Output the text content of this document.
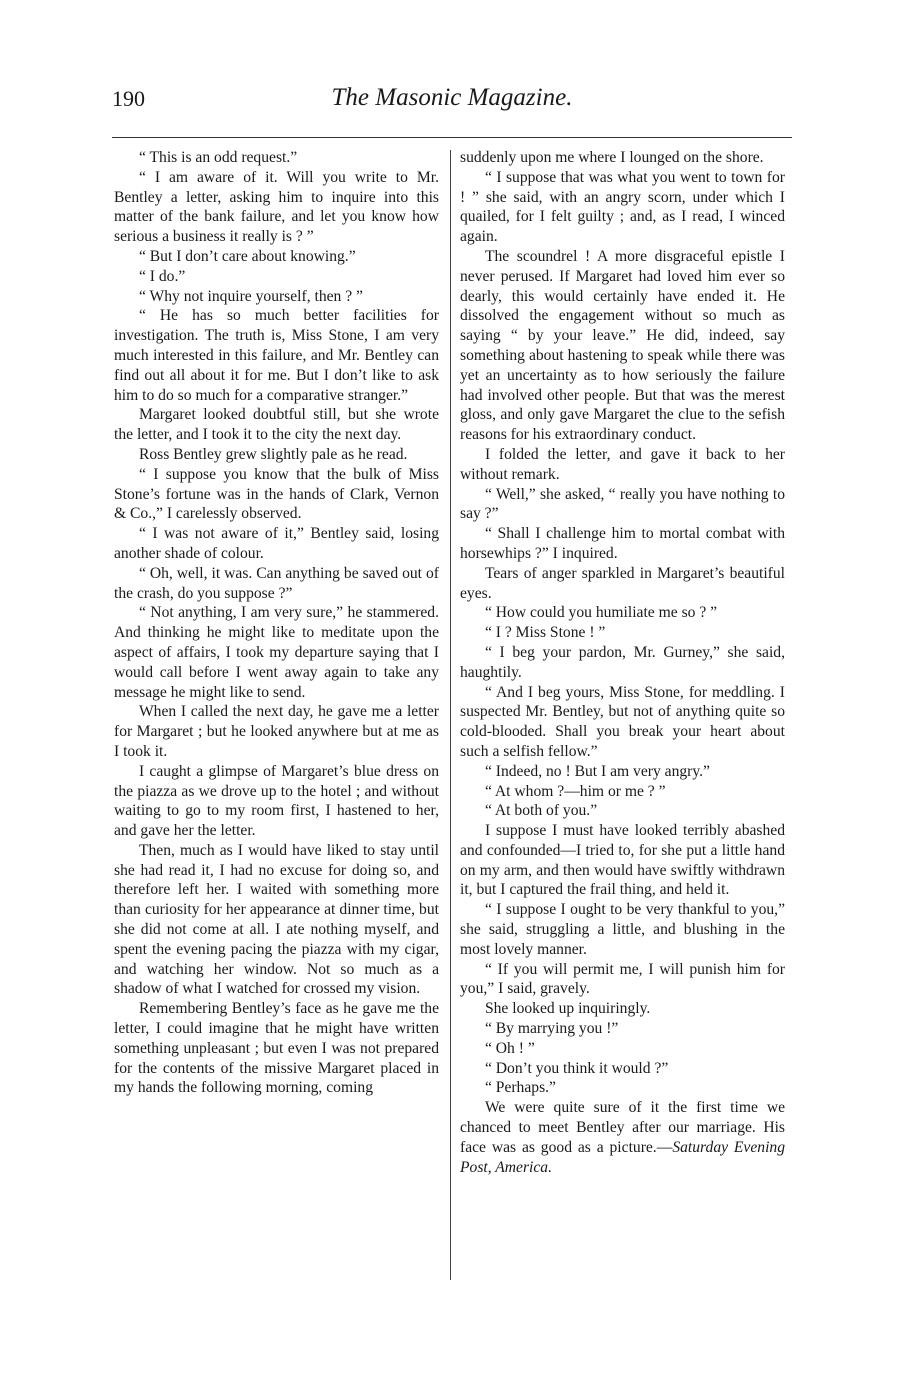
190	The Masonic Magazine.

“ This is an odd request.”

“ I am aware of it. Will you write to Mr. Bentley a letter, asking him to inquire into this matter of the bank failure, and let you know how serious a business it really is ? ”

“ But I don’t care about knowing.”

“ I do.”

“ Why not inquire yourself, then ? ”

“ He has so much better facilities for investigation. The truth is, Miss Stone, I am very much interested in this failure, and Mr. Bentley can find out all about it for me. But I don’t like to ask him to do so much for a comparative stranger.”

Margaret looked doubtful still, but she wrote the letter, and I took it to the city the next day.

Ross Bentley grew slightly pale as he read.

“ I suppose you know that the bulk of Miss Stone’s fortune was in the hands of Clark, Vernon & Co.,” I carelessly observed.

“ I was not aware of it,” Bentley said, losing another shade of colour.

“ Oh, well, it was. Can anything be saved out of the crash, do you suppose ?”

“ Not anything, I am very sure,” he stammered. And thinking he might like to meditate upon the aspect of affairs, I took my departure saying that I would call before I went away again to take any message he might like to send.

When I called the next day, he gave me a letter for Margaret ; but he looked anywhere but at me as I took it.

I caught a glimpse of Margaret’s blue dress on the piazza as we drove up to the hotel ; and without waiting to go to my room first, I hastened to her, and gave her the letter.

Then, much as I would have liked to stay until she had read it, I had no excuse for doing so, and therefore left her. I waited with something more than curiosity for her appearance at dinner time, but she did not come at all. I ate nothing myself, and spent the evening pacing the piazza with my cigar, and watching her window. Not so much as a shadow of what I watched for crossed my vision.

Remembering Bentley’s face as he gave me the letter, I could imagine that he might have written something unpleasant ; but even I was not prepared for the contents of the missive Margaret placed in my hands the following morning, coming

suddenly upon me where I lounged on the shore.

“ I suppose that was what you went to town for ! ” she said, with an angry scorn, under which I quailed, for I felt guilty ; and, as I read, I winced again.

The scoundrel ! A more disgraceful epistle I never perused. If Margaret had loved him ever so dearly, this would certainly have ended it. He dissolved the engagement without so much as saying “ by your leave.” He did, indeed, say something about hastening to speak while there was yet an uncertainty as to how seriously the failure had involved other people. But that was the merest gloss, and only gave Margaret the clue to the sefish reasons for his extraordinary conduct.

I folded the letter, and gave it back to her without remark.

“ Well,” she asked, “ really you have nothing to say ?”

“ Shall I challenge him to mortal combat with horsewhips ?” I inquired.

Tears of anger sparkled in Margaret’s beautiful eyes.

“ How could you humiliate me so ? ”

“ I ? Miss Stone ! ”

“ I beg your pardon, Mr. Gurney,” she said, haughtily.

“ And I beg yours, Miss Stone, for meddling. I suspected Mr. Bentley, but not of anything quite so cold-blooded. Shall you break your heart about such a selfish fellow.”

“ Indeed, no ! But I am very angry.”

“ At whom ?—him or me ? ”

“ At both of you.”

I suppose I must have looked terribly abashed and confounded—I tried to, for she put a little hand on my arm, and then would have swiftly withdrawn it, but I captured the frail thing, and held it.

“ I suppose I ought to be very thankful to you,” she said, struggling a little, and blushing in the most lovely manner.

“ If you will permit me, I will punish him for you,” I said, gravely.

She looked up inquiringly.

“ By marrying you !”

“ Oh ! ”

“ Don’t you think it would ?”

“ Perhaps.”

We were quite sure of it the first time we chanced to meet Bentley after our marriage. His face was as good as a picture.—Saturday Evening Post, America.
